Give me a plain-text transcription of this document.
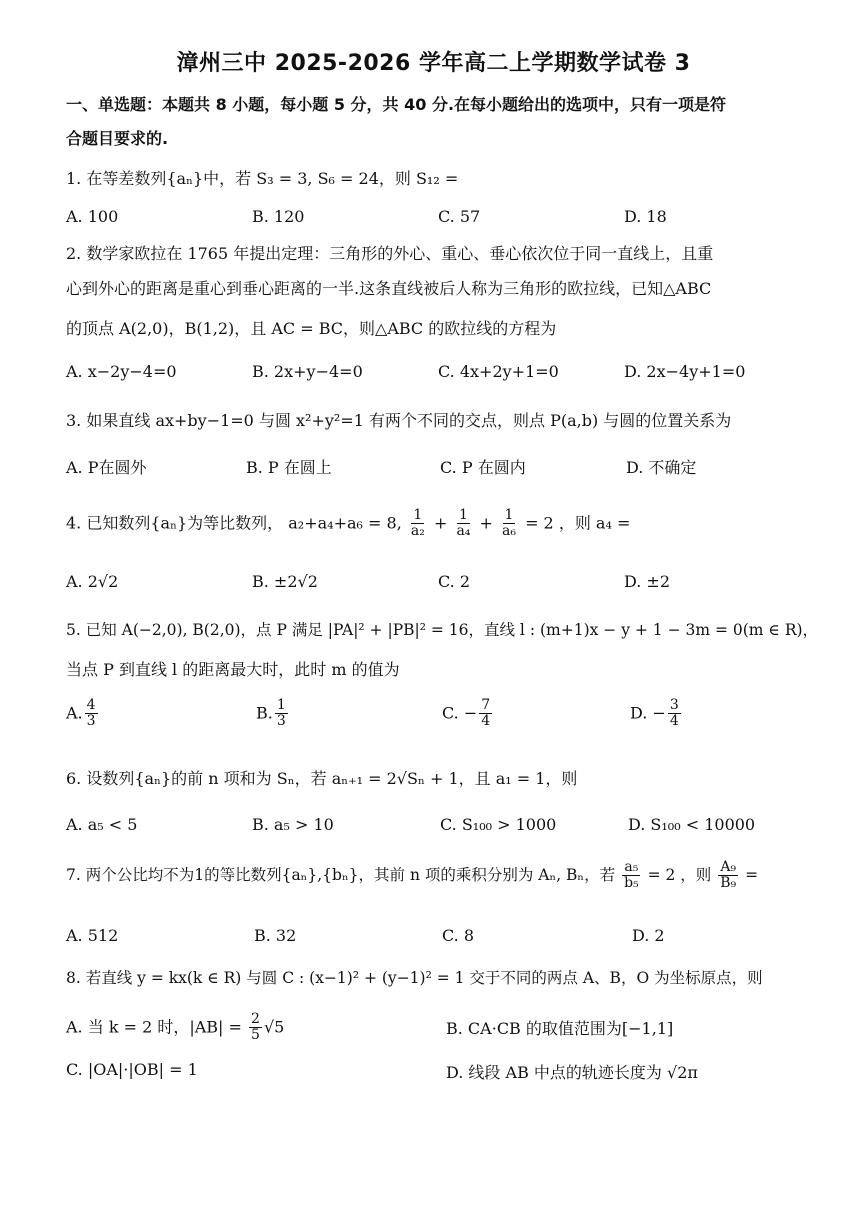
漳州三中 2025-2026 学年高二上学期数学试卷 3
一、单选题：本题共 8 小题，每小题 5 分，共 40 分.在每小题给出的选项中，只有一项是符
合题目要求的.
1. 在等差数列{aₙ}中，若 S₃ = 3, S₆ = 24，则 S₁₂ =
A. 100	B. 120	C. 57	D. 18
2. 数学家欧拉在 1765 年提出定理：三角形的外心、重心、垂心依次位于同一直线上，且重
心到外心的距离是重心到垂心距离的一半.这条直线被后人称为三角形的欧拉线，已知△ABC
的顶点 A(2,0)，B(1,2)，且 AC = BC，则△ABC 的欧拉线的方程为
A. x−2y−4=0	B. 2x+y−4=0	C. 4x+2y+1=0	D. 2x−4y+1=0
3. 如果直线 ax+by−1=0 与圆 x²+y²=1 有两个不同的交点，则点 P(a,b) 与圆的位置关系为
A. P在圆外	B. P 在圆上	C. P 在圆内	D. 不确定
4. 已知数列{aₙ}为等比数列， a₂+a₄+a₆ = 8, $\frac{1}{\text{a₂}} + \frac{1}{\text{a₄}} + \frac{1}{\text{a₆}} = 2$ ，则 a₄ =
A. 2√2	B. ±2√2	C. 2	D. ±2
5. 已知 A(−2,0), B(2,0)，点 P 满足 |PA|² + |PB|² = 16，直线 l : (m+1)x − y + 1 − 3m = 0(m ∈ R)，
当点 P 到直线 l 的距离最大时，此时 m 的值为
A. $\frac{4}{3}$	B. $\frac{1}{3}$	C. − $\frac{7}{4}$	D. − $\frac{3}{4}$
6. 设数列{aₙ}的前 n 项和为 Sₙ，若 aₙ₊₁ = 2√Sₙ + 1，且 a₁ = 1，则
A. a₅ < 5	B. a₅ > 10	C. S₁₀₀ > 1000	D. S₁₀₀ < 10000
7. 两个公比均不为1的等比数列{aₙ},{bₙ}，其前 n 项的乘积分别为 Aₙ, Bₙ，若 $\frac{\text{a₅}}{\text{b₅}} = 2$ ，则 $\frac{\text{A₉}}{\text{B₉}}$ =
A. 512	B. 32	C. 8	D. 2
8. 若直线 y = kx(k ∈ R) 与圆 C : (x−1)² + (y−1)² = 1 交于不同的两点 A、B，O 为坐标原点，则
A. 当 k = 2 时，$|AB| = \frac{2}{5} √5$	B. CA·CB 的取值范围为[−1,1]
C. |OA|·|OB| = 1	D. 线段 AB 中点的轨迹长度为 √2π
